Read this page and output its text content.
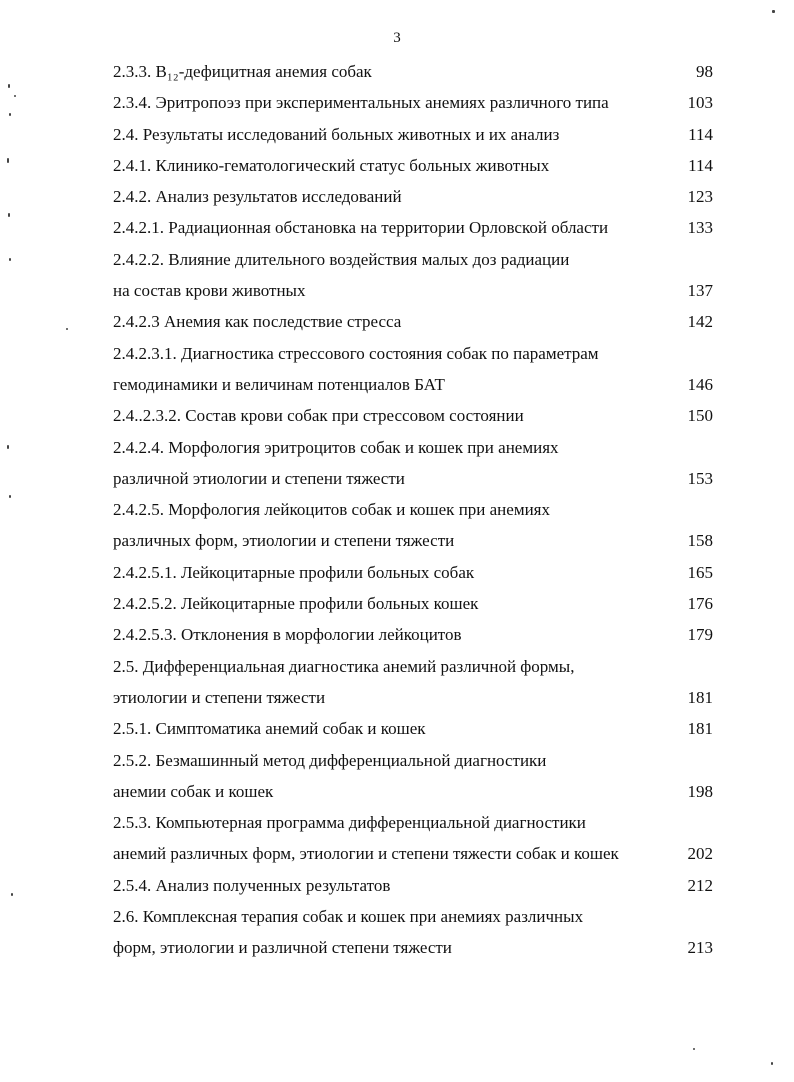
3
2.3.3. B₁₂-дефицитная анемия собак	98
2.3.4. Эритропоэз при экспериментальных анемиях различного типа	103
2.4. Результаты исследований больных животных и их анализ	114
2.4.1. Клинико-гематологический статус больных животных	114
2.4.2. Анализ результатов исследований	123
2.4.2.1. Радиационная обстановка на территории Орловской области	133
2.4.2.2. Влияние длительного воздействия малых доз радиации
на состав крови животных	137
2.4.2.3 Анемия как последствие стресса	142
2.4.2.3.1. Диагностика стрессового состояния собак по параметрам
гемодинамики и величинам потенциалов БАТ	146
2.4..2.3.2. Состав крови собак при стрессовом состоянии	150
2.4.2.4. Морфология эритроцитов собак и кошек при анемиях
различной этиологии и степени тяжести	153
2.4.2.5. Морфология лейкоцитов собак и кошек при анемиях
различных форм, этиологии и степени тяжести	158
2.4.2.5.1. Лейкоцитарные профили больных собак	165
2.4.2.5.2. Лейкоцитарные профили больных кошек	176
2.4.2.5.3. Отклонения в морфологии лейкоцитов	179
2.5. Дифференциальная диагностика анемий различной формы,
этиологии и степени тяжести	181
2.5.1. Симптоматика анемий собак и кошек	181
2.5.2. Безмашинный метод дифференциальной диагностики
анемии собак и кошек	198
2.5.3. Компьютерная программа дифференциальной диагностики
анемий различных форм, этиологии и степени тяжести собак и кошек	202
2.5.4. Анализ полученных результатов	212
2.6. Комплексная терапия собак и кошек при анемиях различных
форм, этиологии и различной степени тяжести	213
